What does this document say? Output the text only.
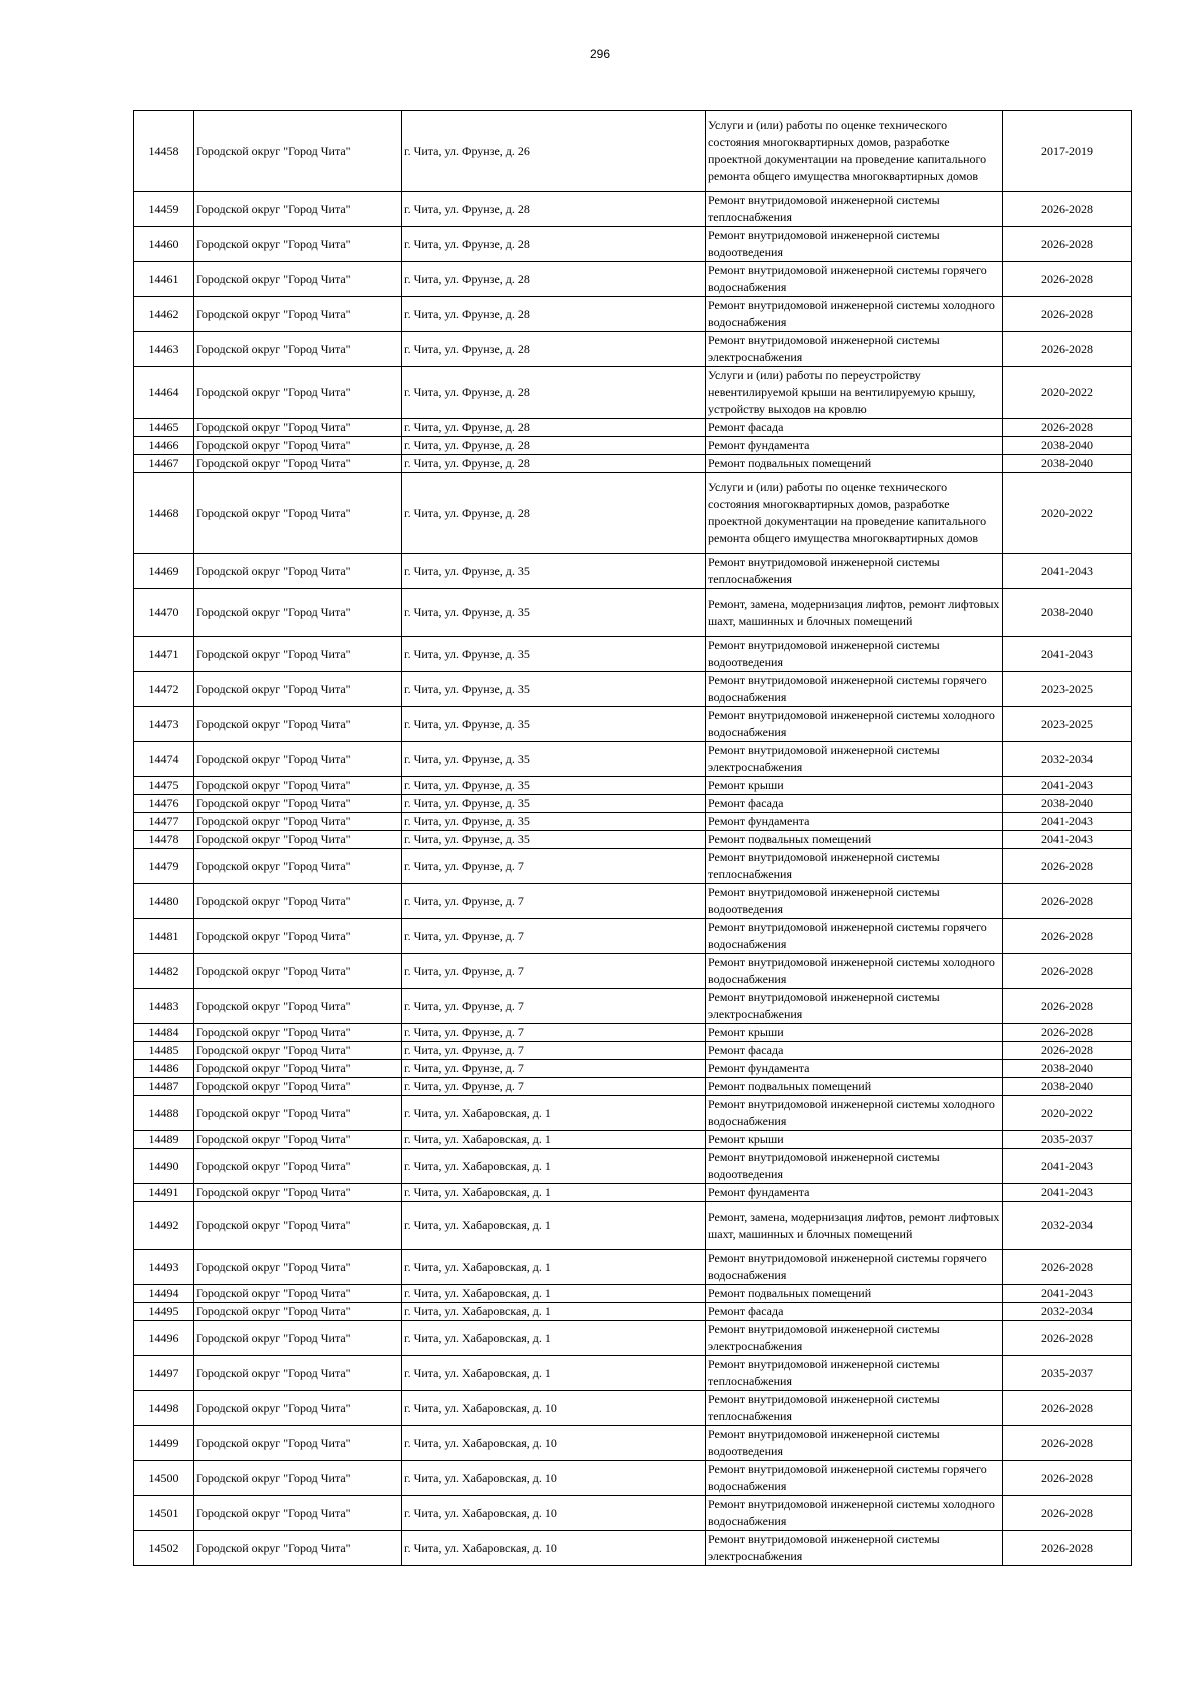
296
14458	Городской округ "Город Чита"	г. Чита, ул. Фрунзе, д. 26	Услуги и (или) работы по оценке технического состояния многоквартирных домов, разработке проектной документации на проведение капитального ремонта общего имущества многоквартирных домов	2017-2019
14459	Городской округ "Город Чита"	г. Чита, ул. Фрунзе, д. 28	Ремонт внутридомовой инженерной системы теплоснабжения	2026-2028
14460	Городской округ "Город Чита"	г. Чита, ул. Фрунзе, д. 28	Ремонт внутридомовой инженерной системы водоотведения	2026-2028
14461	Городской округ "Город Чита"	г. Чита, ул. Фрунзе, д. 28	Ремонт внутридомовой инженерной системы горячего водоснабжения	2026-2028
14462	Городской округ "Город Чита"	г. Чита, ул. Фрунзе, д. 28	Ремонт внутридомовой инженерной системы холодного водоснабжения	2026-2028
14463	Городской округ "Город Чита"	г. Чита, ул. Фрунзе, д. 28	Ремонт внутридомовой инженерной системы электроснабжения	2026-2028
14464	Городской округ "Город Чита"	г. Чита, ул. Фрунзе, д. 28	Услуги и (или) работы по переустройству невентилируемой крыши на вентилируемую крышу, устройству выходов на кровлю	2020-2022
14465	Городской округ "Город Чита"	г. Чита, ул. Фрунзе, д. 28	Ремонт фасада	2026-2028
14466	Городской округ "Город Чита"	г. Чита, ул. Фрунзе, д. 28	Ремонт фундамента	2038-2040
14467	Городской округ "Город Чита"	г. Чита, ул. Фрунзе, д. 28	Ремонт подвальных помещений	2038-2040
14468	Городской округ "Город Чита"	г. Чита, ул. Фрунзе, д. 28	Услуги и (или) работы по оценке технического состояния многоквартирных домов, разработке проектной документации на проведение капитального ремонта общего имущества многоквартирных домов	2020-2022
14469	Городской округ "Город Чита"	г. Чита, ул. Фрунзе, д. 35	Ремонт внутридомовой инженерной системы теплоснабжения	2041-2043
14470	Городской округ "Город Чита"	г. Чита, ул. Фрунзе, д. 35	Ремонт, замена, модернизация лифтов, ремонт лифтовых шахт, машинных и блочных помещений	2038-2040
14471	Городской округ "Город Чита"	г. Чита, ул. Фрунзе, д. 35	Ремонт внутридомовой инженерной системы водоотведения	2041-2043
14472	Городской округ "Город Чита"	г. Чита, ул. Фрунзе, д. 35	Ремонт внутридомовой инженерной системы горячего водоснабжения	2023-2025
14473	Городской округ "Город Чита"	г. Чита, ул. Фрунзе, д. 35	Ремонт внутридомовой инженерной системы холодного водоснабжения	2023-2025
14474	Городской округ "Город Чита"	г. Чита, ул. Фрунзе, д. 35	Ремонт внутридомовой инженерной системы электроснабжения	2032-2034
14475	Городской округ "Город Чита"	г. Чита, ул. Фрунзе, д. 35	Ремонт крыши	2041-2043
14476	Городской округ "Город Чита"	г. Чита, ул. Фрунзе, д. 35	Ремонт фасада	2038-2040
14477	Городской округ "Город Чита"	г. Чита, ул. Фрунзе, д. 35	Ремонт фундамента	2041-2043
14478	Городской округ "Город Чита"	г. Чита, ул. Фрунзе, д. 35	Ремонт подвальных помещений	2041-2043
14479	Городской округ "Город Чита"	г. Чита, ул. Фрунзе, д. 7	Ремонт внутридомовой инженерной системы теплоснабжения	2026-2028
14480	Городской округ "Город Чита"	г. Чита, ул. Фрунзе, д. 7	Ремонт внутридомовой инженерной системы водоотведения	2026-2028
14481	Городской округ "Город Чита"	г. Чита, ул. Фрунзе, д. 7	Ремонт внутридомовой инженерной системы горячего водоснабжения	2026-2028
14482	Городской округ "Город Чита"	г. Чита, ул. Фрунзе, д. 7	Ремонт внутридомовой инженерной системы холодного водоснабжения	2026-2028
14483	Городской округ "Город Чита"	г. Чита, ул. Фрунзе, д. 7	Ремонт внутридомовой инженерной системы электроснабжения	2026-2028
14484	Городской округ "Город Чита"	г. Чита, ул. Фрунзе, д. 7	Ремонт крыши	2026-2028
14485	Городской округ "Город Чита"	г. Чита, ул. Фрунзе, д. 7	Ремонт фасада	2026-2028
14486	Городской округ "Город Чита"	г. Чита, ул. Фрунзе, д. 7	Ремонт фундамента	2038-2040
14487	Городской округ "Город Чита"	г. Чита, ул. Фрунзе, д. 7	Ремонт подвальных помещений	2038-2040
14488	Городской округ "Город Чита"	г. Чита, ул. Хабаровская, д. 1	Ремонт внутридомовой инженерной системы холодного водоснабжения	2020-2022
14489	Городской округ "Город Чита"	г. Чита, ул. Хабаровская, д. 1	Ремонт крыши	2035-2037
14490	Городской округ "Город Чита"	г. Чита, ул. Хабаровская, д. 1	Ремонт внутридомовой инженерной системы водоотведения	2041-2043
14491	Городской округ "Город Чита"	г. Чита, ул. Хабаровская, д. 1	Ремонт фундамента	2041-2043
14492	Городской округ "Город Чита"	г. Чита, ул. Хабаровская, д. 1	Ремонт, замена, модернизация лифтов, ремонт лифтовых шахт, машинных и блочных помещений	2032-2034
14493	Городской округ "Город Чита"	г. Чита, ул. Хабаровская, д. 1	Ремонт внутридомовой инженерной системы горячего водоснабжения	2026-2028
14494	Городской округ "Город Чита"	г. Чита, ул. Хабаровская, д. 1	Ремонт подвальных помещений	2041-2043
14495	Городской округ "Город Чита"	г. Чита, ул. Хабаровская, д. 1	Ремонт фасада	2032-2034
14496	Городской округ "Город Чита"	г. Чита, ул. Хабаровская, д. 1	Ремонт внутридомовой инженерной системы электроснабжения	2026-2028
14497	Городской округ "Город Чита"	г. Чита, ул. Хабаровская, д. 1	Ремонт внутридомовой инженерной системы теплоснабжения	2035-2037
14498	Городской округ "Город Чита"	г. Чита, ул. Хабаровская, д. 10	Ремонт внутридомовой инженерной системы теплоснабжения	2026-2028
14499	Городской округ "Город Чита"	г. Чита, ул. Хабаровская, д. 10	Ремонт внутридомовой инженерной системы водоотведения	2026-2028
14500	Городской округ "Город Чита"	г. Чита, ул. Хабаровская, д. 10	Ремонт внутридомовой инженерной системы горячего водоснабжения	2026-2028
14501	Городской округ "Город Чита"	г. Чита, ул. Хабаровская, д. 10	Ремонт внутридомовой инженерной системы холодного водоснабжения	2026-2028
14502	Городской округ "Город Чита"	г. Чита, ул. Хабаровская, д. 10	Ремонт внутридомовой инженерной системы электроснабжения	2026-2028
